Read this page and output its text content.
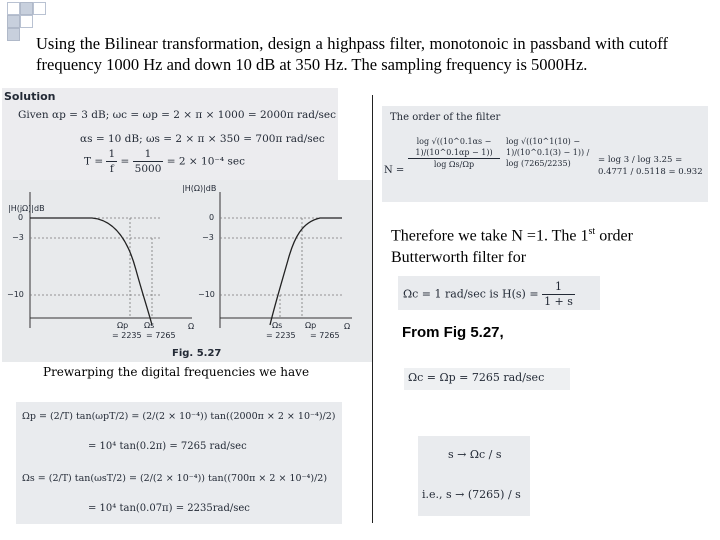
Using the Bilinear transformation, design a highpass filter, monotonoic in passband with cutoff frequency 1000 Hz and down 10 dB at 350 Hz. The sampling frequency is 5000Hz.
Solution
Given αp = 3 dB; ωc = ωp = 2 × π × 1000 = 2000π rad/sec
αs = 10 dB; ωs = 2 × π × 350 = 700π rad/sec
$T = \frac{1}{f} = \frac{1}{5000} = 2 \times 10^{-4}$ sec
|H(jΩ)|dB
|H(Ω)|dB
0
−3
−10
0
−3
−10
Ωp Ωs
= 2235 = 7265
Ω	Ωs	Ωp
= 2235 = 7265
Ω
Fig. 5.27
The order of the filter
N =
$\frac{\log √((10\^{}0.1\alpha s - 1)/(10\^{}0.1\alpha p - 1))}{\text{log Ωs/Ωp}}$ log √((10^1(10) − 1)/(10^0.1(3) − 1)) / log (7265/2235)	= log 3 / log 3.25 = 0.4771 / 0.5118 = 0.932
Therefore we take N =1. The 1st order
Butterworth filter for
Ωc = 1 rad/sec is $H(s) = \frac{1}{1 + s}$
From Fig 5.27,
Ωc = Ωp = 7265 rad/sec
Prewarping the digital frequencies we have
Ωp = (2/T) tan(ωpT/2) = (2/(2 × 10⁻⁴)) tan((2000π × 2 × 10⁻⁴)/2)
= 10⁴ tan(0.2π) = 7265 rad/sec
Ωs = (2/T) tan(ωsT/2) = (2/(2 × 10⁻⁴)) tan((700π × 2 × 10⁻⁴)/2)
= 10⁴ tan(0.07π) = 2235rad/sec
s → Ωc / s
i.e., s → (7265) / s
